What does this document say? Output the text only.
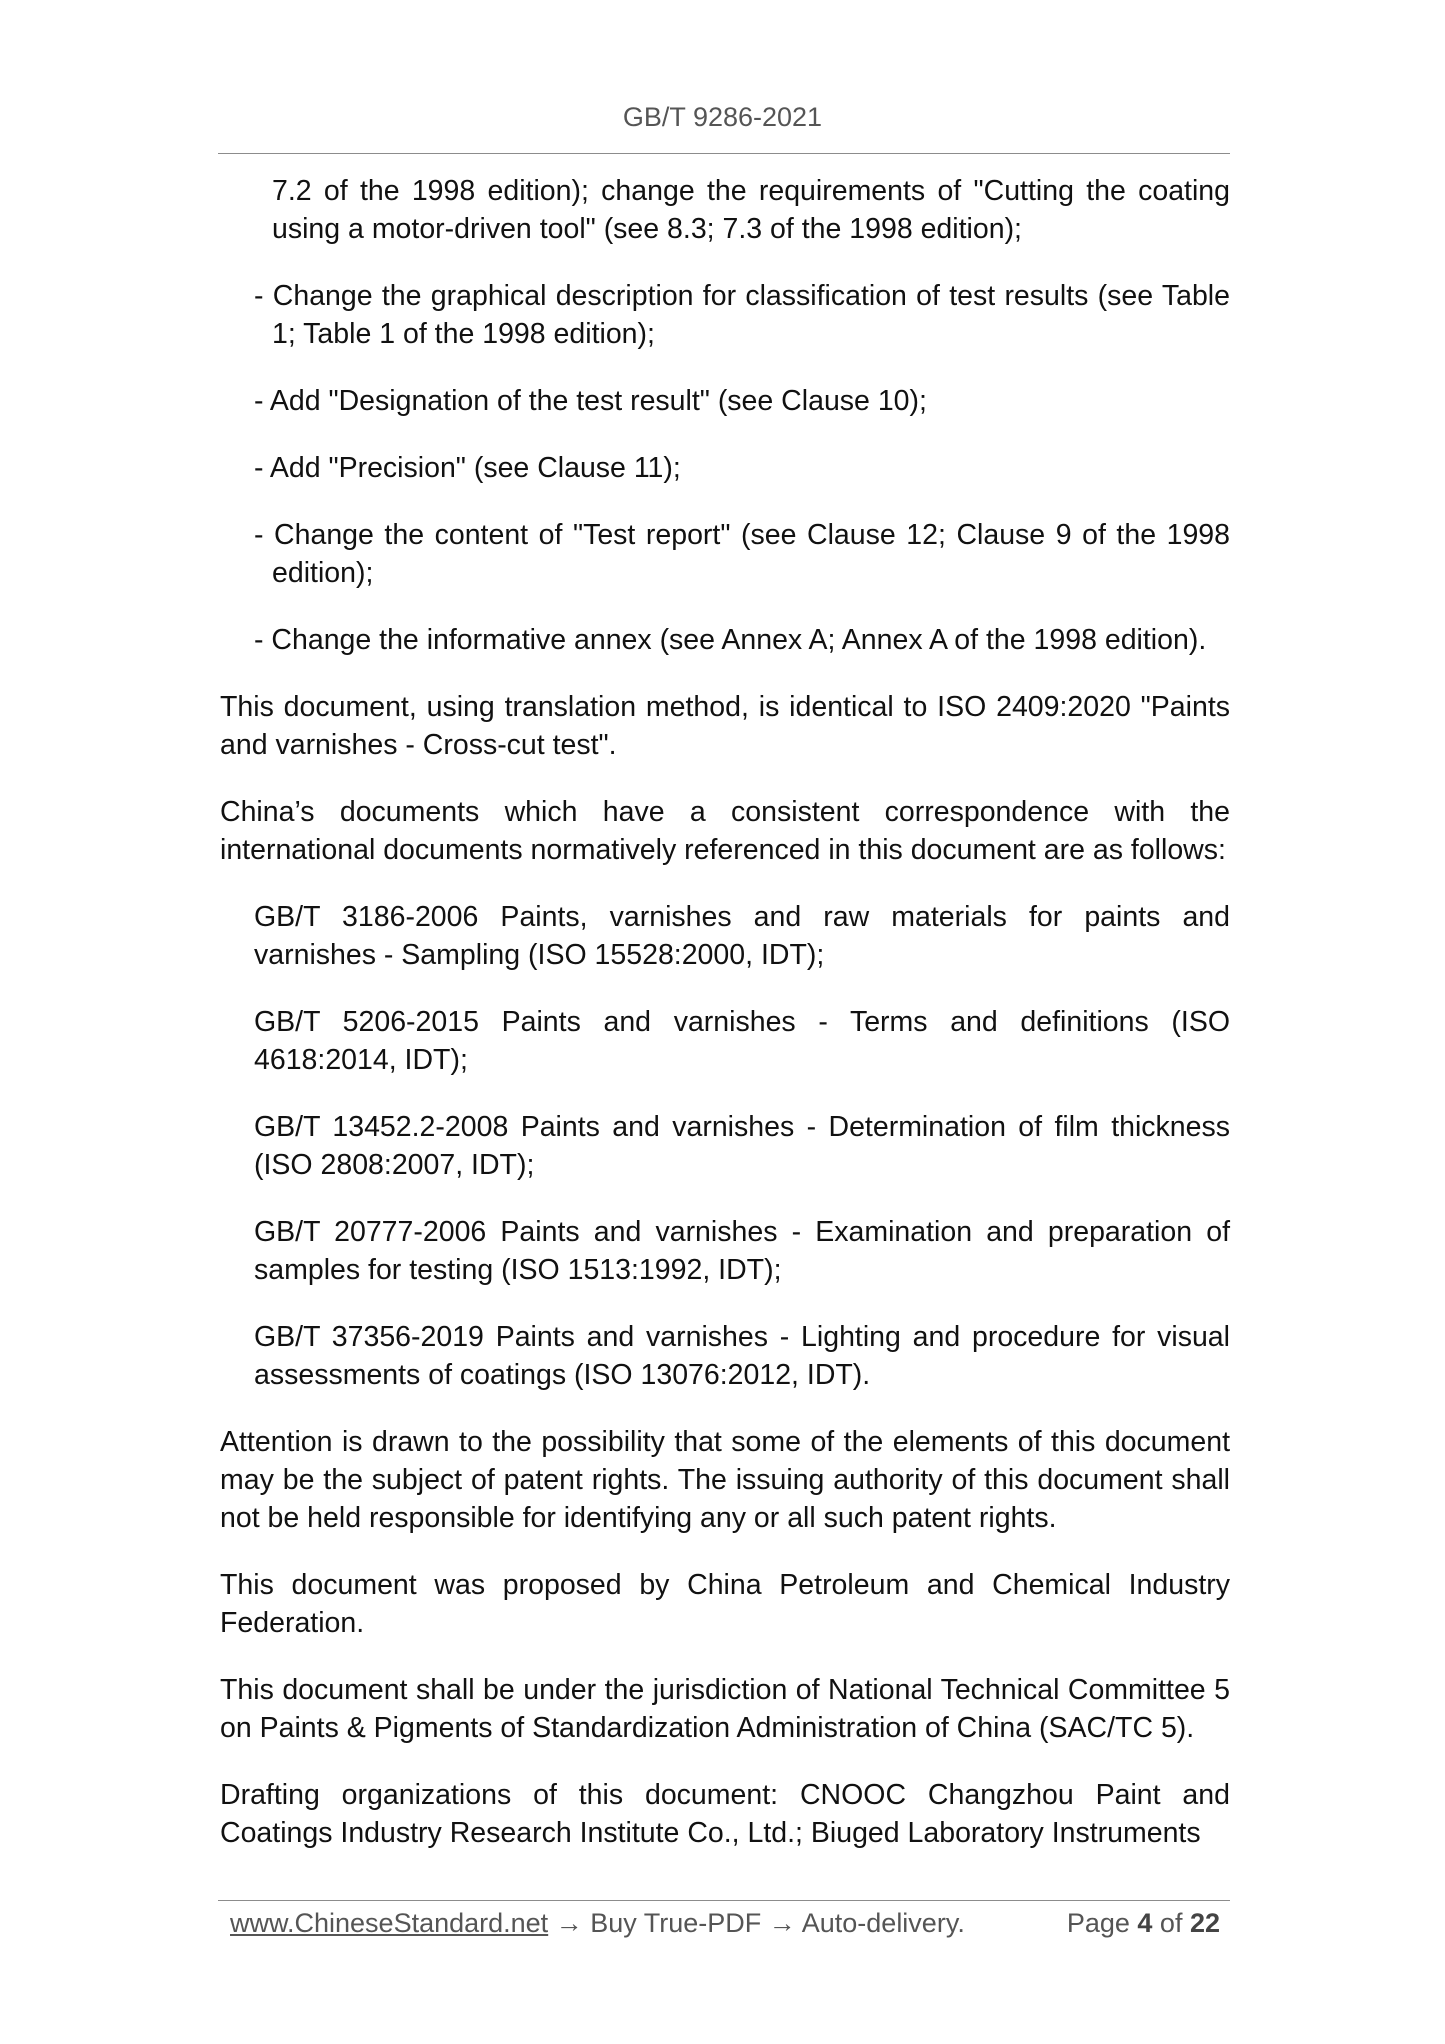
GB/T 9286-2021

7.2 of the 1998 edition); change the requirements of "Cutting the coating using a motor-driven tool" (see 8.3; 7.3 of the 1998 edition);

- Change the graphical description for classification of test results (see Table 1; Table 1 of the 1998 edition);

- Add "Designation of the test result" (see Clause 10);

- Add "Precision" (see Clause 11);

- Change the content of "Test report" (see Clause 12; Clause 9 of the 1998 edition);

- Change the informative annex (see Annex A; Annex A of the 1998 edition).

This document, using translation method, is identical to ISO 2409:2020 "Paints and varnishes - Cross-cut test".

China’s documents which have a consistent correspondence with the international documents normatively referenced in this document are as follows:

GB/T 3186-2006 Paints, varnishes and raw materials for paints and varnishes - Sampling (ISO 15528:2000, IDT);

GB/T 5206-2015 Paints and varnishes - Terms and definitions (ISO 4618:2014, IDT);

GB/T 13452.2-2008 Paints and varnishes - Determination of film thickness (ISO 2808:2007, IDT);

GB/T 20777-2006 Paints and varnishes - Examination and preparation of samples for testing (ISO 1513:1992, IDT);

GB/T 37356-2019 Paints and varnishes - Lighting and procedure for visual assessments of coatings (ISO 13076:2012, IDT).

Attention is drawn to the possibility that some of the elements of this document may be the subject of patent rights. The issuing authority of this document shall not be held responsible for identifying any or all such patent rights.

This document was proposed by China Petroleum and Chemical Industry Federation.

This document shall be under the jurisdiction of National Technical Committee 5 on Paints & Pigments of Standardization Administration of China (SAC/TC 5).

Drafting organizations of this document: CNOOC Changzhou Paint and Coatings Industry Research Institute Co., Ltd.; Biuged Laboratory Instruments

www.ChineseStandard.net → Buy True-PDF → Auto-delivery.	Page 4 of 22
